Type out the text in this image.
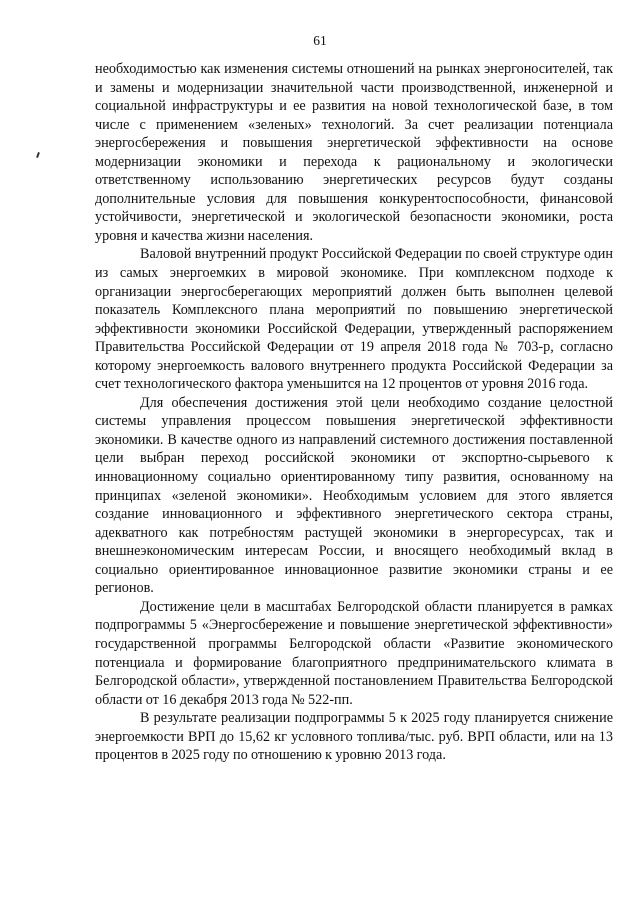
61

необходимостью как изменения системы отношений на рынках энергоносителей, так и замены и модернизации значительной части производственной, инженерной и социальной инфраструктуры и ее развития на новой технологической базе, в том числе с применением «зеленых» технологий. За счет реализации потенциала энергосбережения и повышения энергетической эффективности на основе модернизации экономики и перехода к рациональному и экологически ответственному использованию энергетических ресурсов будут созданы дополнительные условия для повышения конкурентоспособности, финансовой устойчивости, энергетической и экологической безопасности экономики, роста уровня и качества жизни населения.

Валовой внутренний продукт Российской Федерации по своей структуре один из самых энергоемких в мировой экономике. При комплексном подходе к организации энергосберегающих мероприятий должен быть выполнен целевой показатель Комплексного плана мероприятий по повышению энергетической эффективности экономики Российской Федерации, утвержденный распоряжением Правительства Российской Федерации от 19 апреля 2018 года № 703-р, согласно которому энергоемкость валового внутреннего продукта Российской Федерации за счет технологического фактора уменьшится на 12 процентов от уровня 2016 года.

Для обеспечения достижения этой цели необходимо создание целостной системы управления процессом повышения энергетической эффективности экономики. В качестве одного из направлений системного достижения поставленной цели выбран переход российской экономики от экспортно-сырьевого к инновационному социально ориентированному типу развития, основанному на принципах «зеленой экономики». Необходимым условием для этого является создание инновационного и эффективного энергетического сектора страны, адекватного как потребностям растущей экономики в энергоресурсах, так и внешнеэкономическим интересам России, и вносящего необходимый вклад в социально ориентированное инновационное развитие экономики страны и ее регионов.

Достижение цели в масштабах Белгородской области планируется в рамках подпрограммы 5 «Энергосбережение и повышение энергетической эффективности» государственной программы Белгородской области «Развитие экономического потенциала и формирование благоприятного предпринимательского климата в Белгородской области», утвержденной постановлением Правительства Белгородской области от 16 декабря 2013 года № 522-пп.

В результате реализации подпрограммы 5 к 2025 году планируется снижение энергоемкости ВРП до 15,62 кг условного топлива/тыс. руб. ВРП области, или на 13 процентов в 2025 году по отношению к уровню 2013 года.
